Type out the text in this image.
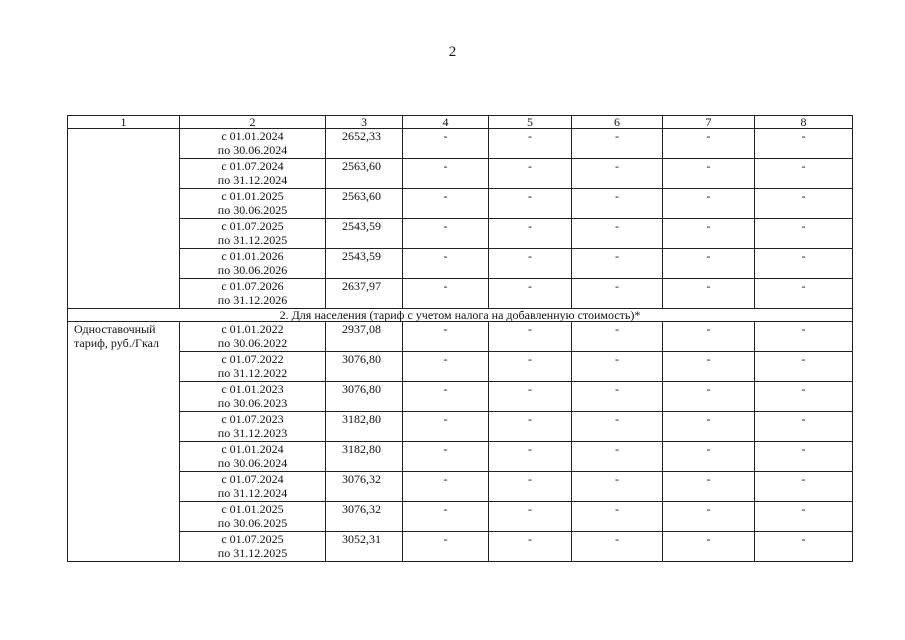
2
1	2	3	4	5	6	7	8

	с 01.01.2024
по 30.06.2024	2652,33	-	-	-	-	-

	с 01.07.2024
по 31.12.2024	2563,60	-	-	-	-	-

	с 01.01.2025
по 30.06.2025	2563,60	-	-	-	-	-

	с 01.07.2025
по 31.12.2025	2543,59	-	-	-	-	-

	с 01.01.2026
по 30.06.2026	2543,59	-	-	-	-	-

	с 01.07.2026
по 31.12.2026	2637,97	-	-	-	-	-
2. Для населения (тариф с учетом налога на добавленную стоимость)*							
Одноставочный тариф, руб./Гкал	с 01.01.2022
по 30.06.2022	2937,08	-	-	-	-	-

	с 01.07.2022
по 31.12.2022	3076,80	-	-	-	-	-

	с 01.01.2023
по 30.06.2023	3076,80	-	-	-	-	-

	с 01.07.2023
по 31.12.2023	3182,80	-	-	-	-	-

	с 01.01.2024
по 30.06.2024	3182,80	-	-	-	-	-

	с 01.07.2024
по 31.12.2024	3076,32	-	-	-	-	-

	с 01.01.2025
по 30.06.2025	3076,32	-	-	-	-	-

	с 01.07.2025
по 31.12.2025	3052,31	-	-	-	-	-
